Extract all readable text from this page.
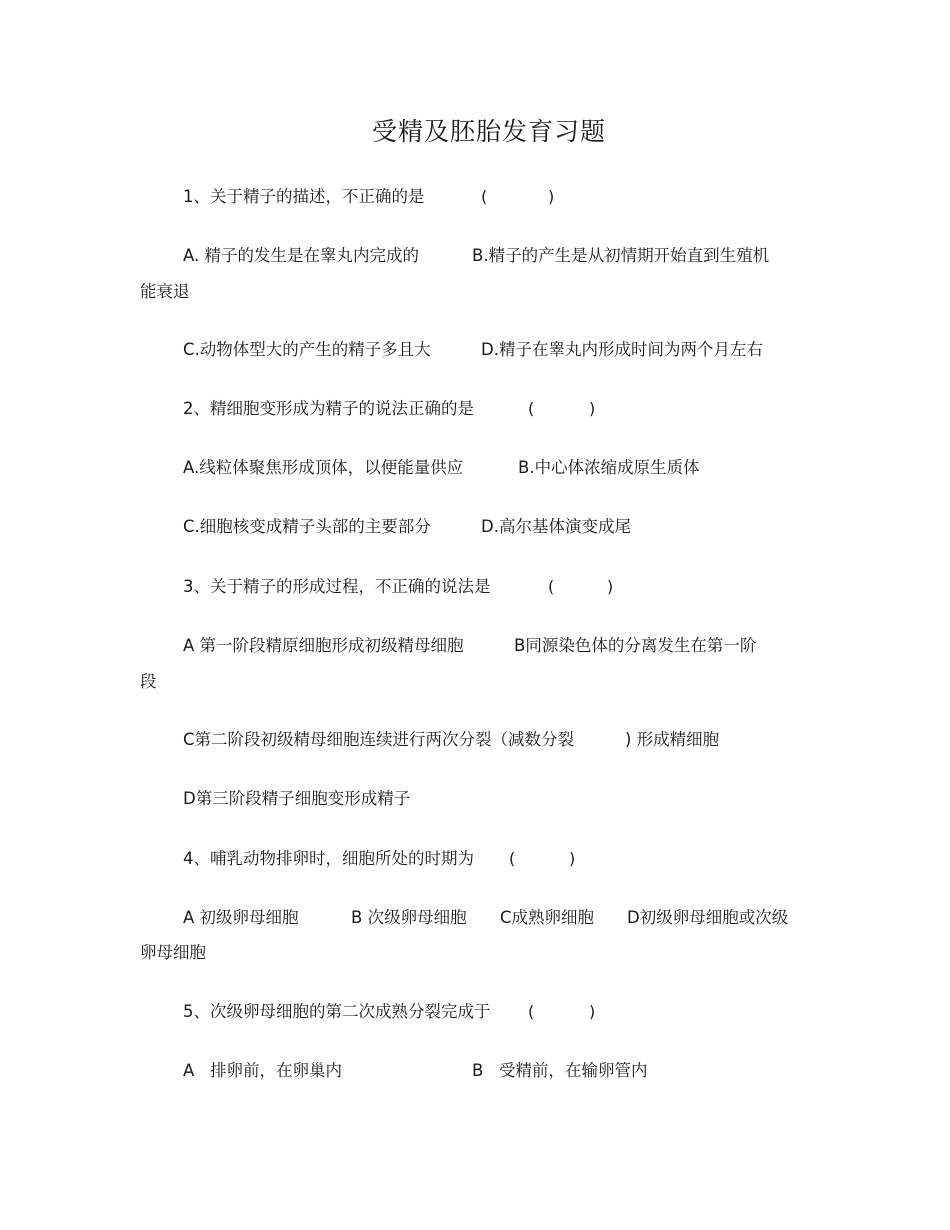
受精及胚胎发育习题
1、关于精子的描述，不正确的是	(	)
A. 精子的发生是在睾丸内完成的	B.精子的产生是从初情期开始直到生殖机
能衰退
C.动物体型大的产生的精子多且大	D.精子在睾丸内形成时间为两个月左右
2、精细胞变形成为精子的说法正确的是	(	)
A.线粒体聚焦形成顶体，以便能量供应	B.中心体浓缩成原生质体
C.细胞核变成精子头部的主要部分	D.高尔基体演变成尾
3、关于精子的形成过程，不正确的说法是	(	)
A 第一阶段精原细胞形成初级精母细胞	B同源染色体的分离发生在第一阶
段
C第二阶段初级精母细胞连续进行两次分裂（减数分裂	) 形成精细胞
D第三阶段精子细胞变形成精子
4、哺乳动物排卵时，细胞所处的时期为 (	)
A 初级卵母细胞	B 次级卵母细胞 C成熟卵细胞 D初级卵母细胞或次级
卵母细胞
5、次级卵母细胞的第二次成熟分裂完成于 (	)
A   排卵前，在卵巢内	B   受精前，在输卵管内
